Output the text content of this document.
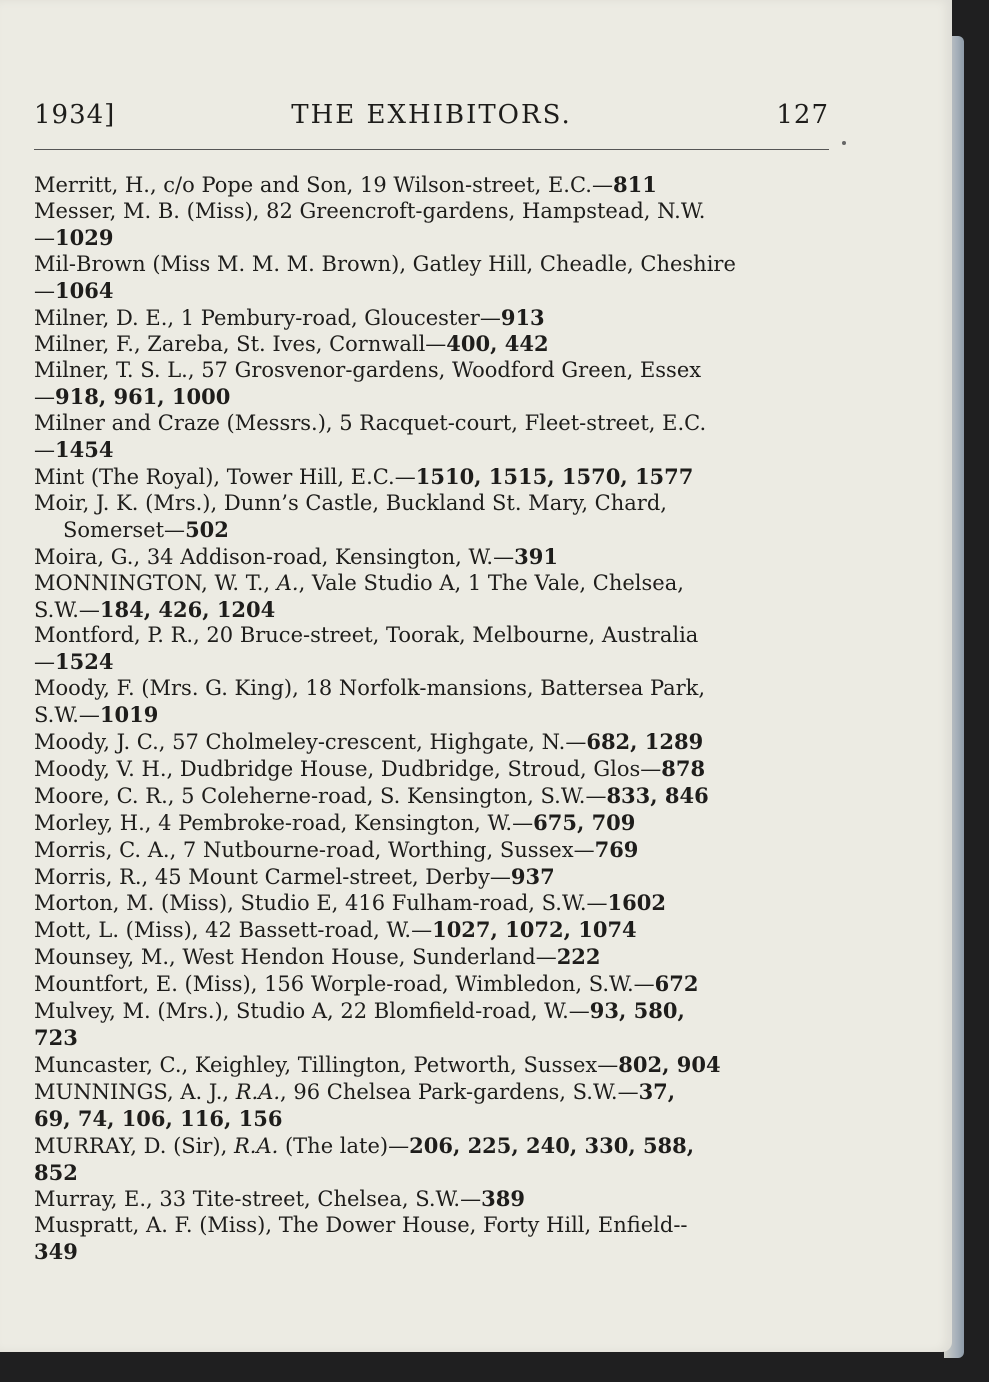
1934]	THE EXHIBITORS.	127

Merritt, H., c/o Pope and Son, 19 Wilson-street, E.C.—811

Messer, M. B. (Miss), 82 Greencroft-gardens, Hampstead, N.W.
—1029

Mil-Brown (Miss M. M. M. Brown), Gatley Hill, Cheadle, Cheshire
—1064

Milner, D. E., 1 Pembury-road, Gloucester—913

Milner, F., Zareba, St. Ives, Cornwall—400, 442

Milner, T. S. L., 57 Grosvenor-gardens, Woodford Green, Essex
—918, 961, 1000

Milner and Craze (Messrs.), 5 Racquet-court, Fleet-street, E.C.
—1454

Mint (The Royal), Tower Hill, E.C.—1510, 1515, 1570, 1577

Moir, J. K. (Mrs.), Dunn’s Castle, Buckland St. Mary, Chard,
Somerset—502

Moira, G., 34 Addison-road, Kensington, W.—391

MONNINGTON, W. T., A., Vale Studio A, 1 The Vale, Chelsea,
S.W.—184, 426, 1204

Montford, P. R., 20 Bruce-street, Toorak, Melbourne, Australia
—1524

Moody, F. (Mrs. G. King), 18 Norfolk-mansions, Battersea Park,
S.W.—1019

Moody, J. C., 57 Cholmeley-crescent, Highgate, N.—682, 1289

Moody, V. H., Dudbridge House, Dudbridge, Stroud, Glos—878

Moore, C. R., 5 Coleherne-road, S. Kensington, S.W.—833, 846

Morley, H., 4 Pembroke-road, Kensington, W.—675, 709

Morris, C. A., 7 Nutbourne-road, Worthing, Sussex—769

Morris, R., 45 Mount Carmel-street, Derby—937

Morton, M. (Miss), Studio E, 416 Fulham-road, S.W.—1602

Mott, L. (Miss), 42 Bassett-road, W.—1027, 1072, 1074

Mounsey, M., West Hendon House, Sunderland—222

Mountfort, E. (Miss), 156 Worple-road, Wimbledon, S.W.—672

Mulvey, M. (Mrs.), Studio A, 22 Blomfield-road, W.—93, 580,
723

Muncaster, C., Keighley, Tillington, Petworth, Sussex—802, 904

MUNNINGS, A. J., R.A., 96 Chelsea Park-gardens, S.W.—37,
69, 74, 106, 116, 156

MURRAY, D. (Sir), R.A. (The late)—206, 225, 240, 330, 588,
852

Murray, E., 33 Tite-street, Chelsea, S.W.—389

Muspratt, A. F. (Miss), The Dower House, Forty Hill, Enfield--
349
